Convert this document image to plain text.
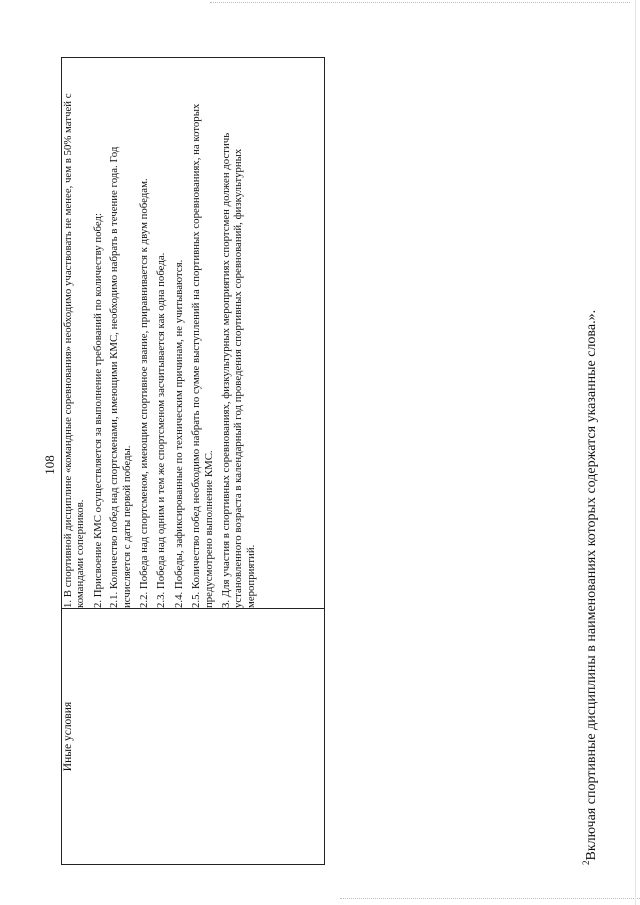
108
Иные условия	
1. В спортивной дисциплине «командные соревнования» необходимо участвовать не менее, чем в 50% матчей с
командами соперников. 2. Присвоение КМС осуществляется за выполнение требований по количеству побед: 2.1. Количество побед над спортсменами, имеющими КМС, необходимо набрать в течение года. Год
исчисляется с даты первой победы. 2.2. Победа над спортсменом, имеющим спортивное звание, приравнивается к двум победам. 2.3. Победа над одним и тем же спортсменом засчитывается как одна победа. 2.4. Победы, зафиксированные по техническим причинам, не учитываются. 2.5. Количество побед необходимо набрать по сумме выступлений на спортивных соревнованиях, на которых
предусмотрено выполнение КМС. 3. Для участия в спортивных соревнованиях, физкультурных мероприятиях спортсмен должен достичь
установленного возраста в календарный год проведения спортивных соревнований, физкультурных
мероприятий.
$^2$Включая спортивные дисциплины в наименованиях которых содержатся указанные слова.».
